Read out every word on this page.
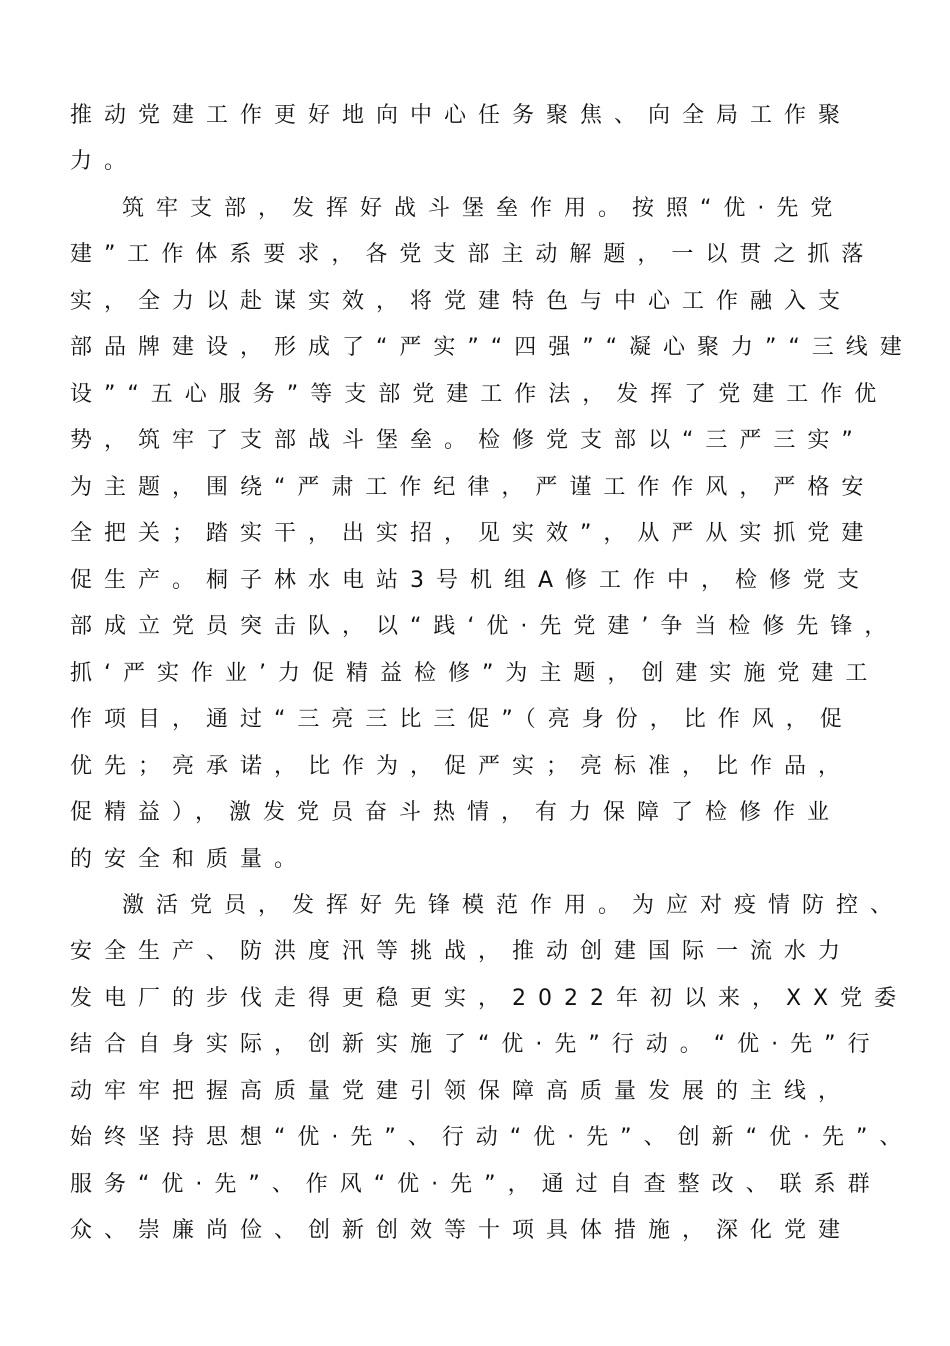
推动党建工作更好地向中心任务聚焦、向全局工作聚
力。
筑牢支部，发挥好战斗堡垒作用。按照“优·先党
建”工作体系要求，各党支部主动解题，一以贯之抓落
实，全力以赴谋实效，将党建特色与中心工作融入支
部品牌建设，形成了“严实”“四强”“凝心聚力”“三线建
设”“五心服务”等支部党建工作法，发挥了党建工作优
势，筑牢了支部战斗堡垒。检修党支部以“三严三实”
为主题，围绕“严肃工作纪律，严谨工作作风，严格安
全把关；踏实干，出实招，见实效”，从严从实抓党建
促生产。桐子林水电站3号机组A修工作中，检修党支
部成立党员突击队，以“践‘优·先党建’争当检修先锋，
抓‘严实作业’力促精益检修”为主题，创建实施党建工
作项目，通过“三亮三比三促”（亮身份，比作风，促
优先；亮承诺，比作为，促严实；亮标准，比作品，
促精益），激发党员奋斗热情，有力保障了检修作业
的安全和质量。
激活党员，发挥好先锋模范作用。为应对疫情防控、
安全生产、防洪度汛等挑战，推动创建国际一流水力
发电厂的步伐走得更稳更实，2022年初以来，XX党委
结合自身实际，创新实施了“优·先”行动。“优·先”行
动牢牢把握高质量党建引领保障高质量发展的主线，
始终坚持思想“优·先”、行动“优·先”、创新“优·先”、
服务“优·先”、作风“优·先”，通过自查整改、联系群
众、崇廉尚俭、创新创效等十项具体措施，深化党建
